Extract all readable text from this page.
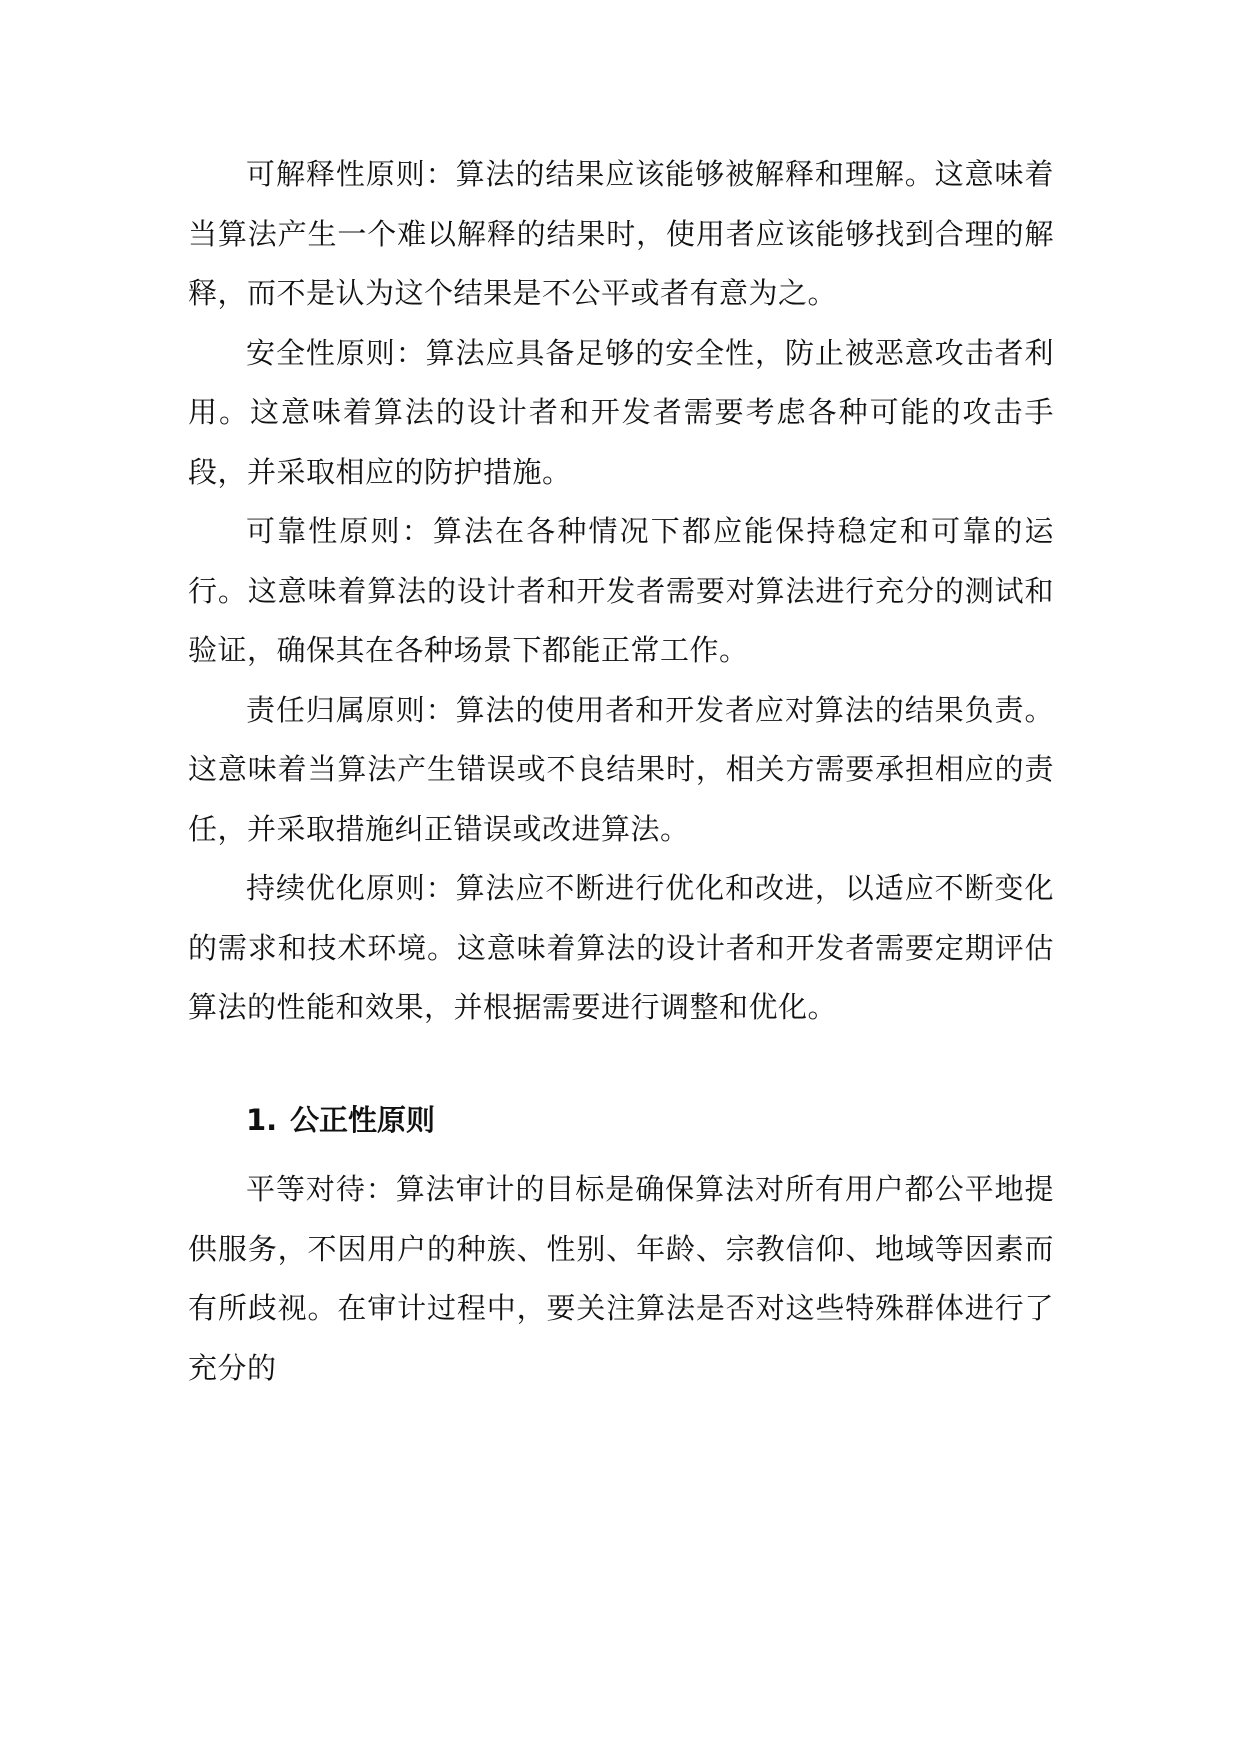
可解释性原则：算法的结果应该能够被解释和理解。这意味着当算法产生一个难以解释的结果时，使用者应该能够找到合理的解释，而不是认为这个结果是不公平或者有意为之。

安全性原则：算法应具备足够的安全性，防止被恶意攻击者利用。这意味着算法的设计者和开发者需要考虑各种可能的攻击手段，并采取相应的防护措施。

可靠性原则：算法在各种情况下都应能保持稳定和可靠的运行。这意味着算法的设计者和开发者需要对算法进行充分的测试和验证，确保其在各种场景下都能正常工作。

责任归属原则：算法的使用者和开发者应对算法的结果负责。这意味着当算法产生错误或不良结果时，相关方需要承担相应的责任，并采取措施纠正错误或改进算法。

持续优化原则：算法应不断进行优化和改进，以适应不断变化的需求和技术环境。这意味着算法的设计者和开发者需要定期评估算法的性能和效果，并根据需要进行调整和优化。

1. 公正性原则

平等对待：算法审计的目标是确保算法对所有用户都公平地提供服务，不因用户的种族、性别、年龄、宗教信仰、地域等因素而有所歧视。在审计过程中，要关注算法是否对这些特殊群体进行了充分的
